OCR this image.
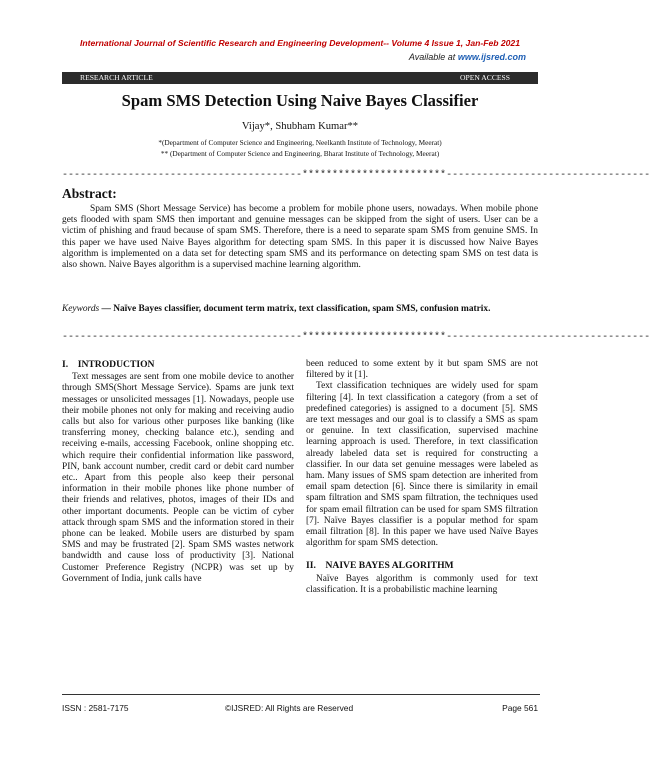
International Journal of Scientific Research and Engineering Development-- Volume 4 Issue 1, Jan-Feb 2021
Available at www.ijsred.com
RESEARCH ARTICLE	OPEN ACCESS
Spam SMS Detection Using Naive Bayes Classifier
Vijay*, Shubham Kumar**
*(Department of Computer Science and Engineering, Neelkanth Institute of Technology, Meerat)
** (Department of Computer Science and Engineering, Bharat Institute of Technology, Meerat)
----------------------------------------************************----------------------------------
Abstract:

Spam SMS (Short Message Service) has become a problem for mobile phone users, nowadays. When mobile phone gets flooded with spam SMS then important and genuine messages can be skipped from the sight of users. User can be a victim of phishing and fraud because of spam SMS. Therefore, there is a need to separate spam SMS from genuine SMS. In this paper we have used Naive Bayes algorithm for detecting spam SMS. In this paper it is discussed how Naive Bayes algorithm is implemented on a data set for detecting spam SMS and its performance on detecting spam SMS on test data is also shown. Naive Bayes algorithm is a supervised machine learning algorithm.

Keywords — Naïve Bayes classifier, document term matrix, text classification, spam SMS, confusion matrix.
----------------------------------------************************----------------------------------
I.    INTRODUCTION

Text messages are sent from one mobile device to another through SMS(Short Message Service). Spams are junk text messages or unsolicited messages [1]. Nowadays, people use their mobile phones not only for making and receiving audio calls but also for various other purposes like banking (like transferring money, checking balance etc.), sending and receiving e-mails, accessing Facebook, online shopping etc. which require their confidential information like password, PIN, bank account number, credit card or debit card number etc.. Apart from this people also keep their personal information in their mobile phones like phone number of their friends and relatives, photos, images of their IDs and other important documents. People can be victim of cyber attack through spam SMS and the information stored in their phone can be leaked. Mobile users are disturbed by spam SMS and may be frustrated [2]. Spam SMS wastes network bandwidth and cause loss of productivity [3]. National Customer Preference Registry (NCPR) was set up by Government of India, junk calls have

been reduced to some extent by it but spam SMS are not filtered by it [1].

Text classification techniques are widely used for spam filtering [4]. In text classification a category (from a set of predefined categories) is assigned to a document [5]. SMS are text messages and our goal is to classify a SMS as spam or genuine. In text classification, supervised machine learning approach is used. Therefore, in text classification already labeled data set is required for constructing a classifier. In our data set genuine messages were labeled as ham. Many issues of SMS spam detection are inherited from email spam detection [6]. Since there is similarity in email spam filtration and SMS spam filtration, the techniques used for spam email filtration can be used for spam SMS filtration [7]. Naïve Bayes classifier is a popular method for spam email filtration [8]. In this paper we have used Naïve Bayes algorithm for spam SMS detection.

II.    NAIVE BAYES ALGORITHM

Naïve Bayes algorithm is commonly used for text classification. It is a probabilistic machine learning

ISSN : 2581-7175	©IJSRED: All Rights are Reserved	Page 561
